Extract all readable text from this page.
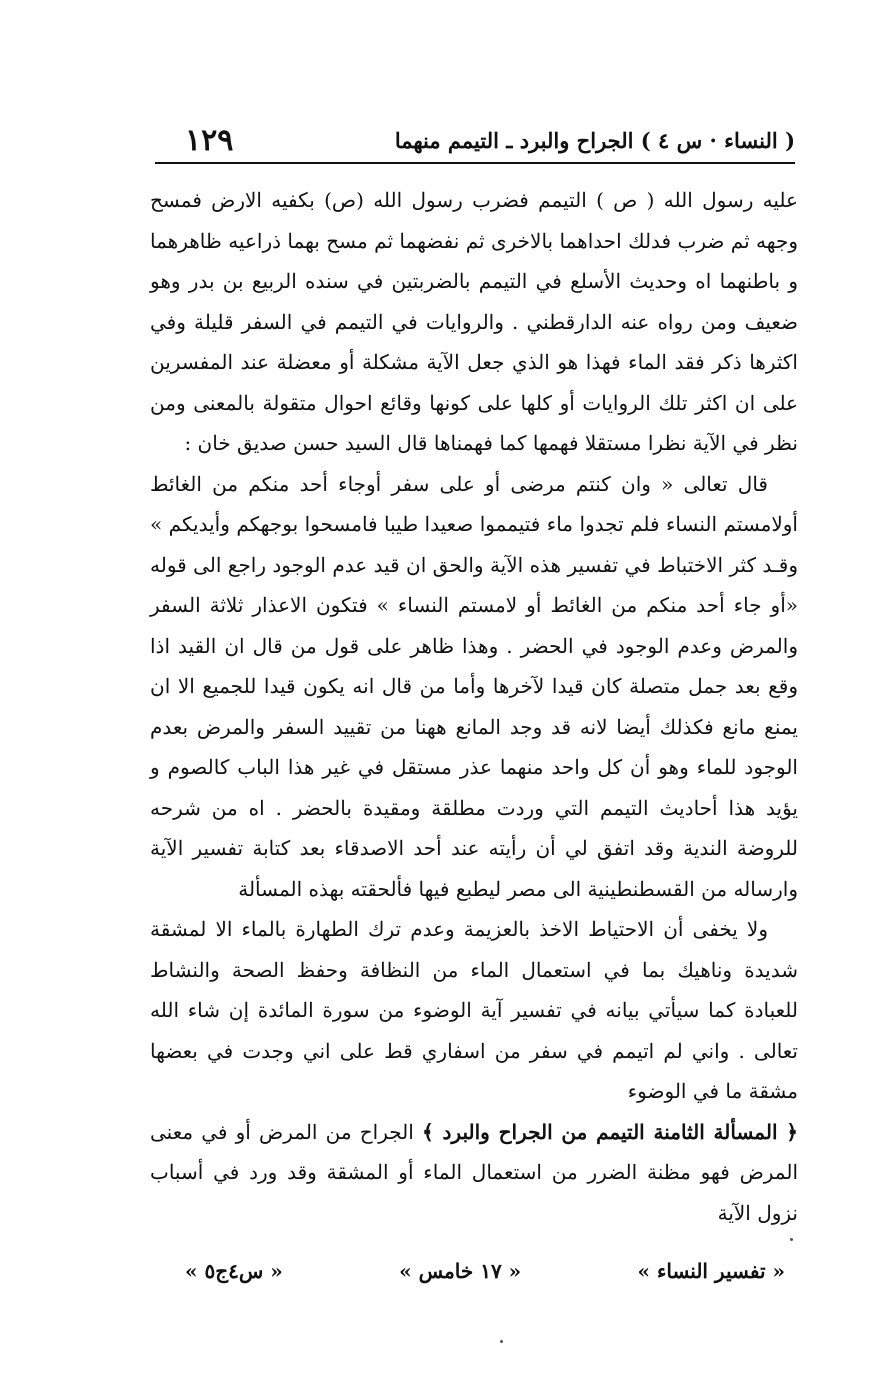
( النساء · س ٤ ) الجراح والبرد ـ التيمم منهما
١٢٩

عليه رسول الله ( ص ) التيمم فضرب رسول الله (ص) بكفيه الارض فمسح وجهه ثم ضرب فدلك احداهما بالاخرى ثم نفضهما ثم مسح بهما ذراعيه ظاهرهما و باطنهما اه وحديث الأسلع في التيمم بالضربتين في سنده الربيع بن بدر وهو ضعيف ومن رواه عنه الدارقطني . والروايات في التيمم في السفر قليلة وفي اكثرها ذكر فقد الماء فهذا هو الذي جعل الآية مشكلة أو معضلة عند المفسرين على ان اكثر تلك الروايات أو كلها على كونها وقائع احوال متقولة بالمعنى ومن نظر في الآية نظرا مستقلا فهمها كما فهمناها قال السيد حسن صديق خان :

قال تعالى « وان كنتم مرضى أو على سفر أوجاء أحد منكم من الغائط أولامستم النساء فلم تجدوا ماء فتيمموا صعيدا طيبا فامسحوا بوجهكم وأيديكم » وقـد كثر الاختباط في تفسير هذه الآية والحق ان قيد عدم الوجود راجع الى قوله «أو جاء أحد منكم من الغائط أو لامستم النساء » فتكون الاعذار ثلاثة السفر والمرض وعدم الوجود في الحضر . وهذا ظاهر على قول من قال ان القيد اذا وقع بعد جمل متصلة كان قيدا لآخرها وأما من قال انه يكون قيدا للجميع الا ان يمنع مانع فكذلك أيضا لانه قد وجد المانع ههنا من تقييد السفر والمرض بعدم الوجود للماء وهو أن كل واحد منهما عذر مستقل في غير هذا الباب كالصوم و يؤيد هذا أحاديث التيمم التي وردت مطلقة ومقيدة بالحضر . اه من شرحه للروضة الندية وقد اتفق لي أن رأيته عند أحد الاصدقاء بعد كتابة تفسير الآية وارساله من القسطنطينية الى مصر ليطبع فيها فألحقته بهذه المسألة

ولا يخفى أن الاحتياط الاخذ بالعزيمة وعدم ترك الطهارة بالماء الا لمشقة شديدة وناهيك بما في استعمال الماء من النظافة وحفظ الصحة والنشاط للعبادة كما سيأتي بيانه في تفسير آية الوضوء من سورة المائدة إن شاء الله تعالى . واني لم اتيمم في سفر من اسفاري قط على اني وجدت في بعضها مشقة ما في الوضوء

﴿ المسألة الثامنة التيمم من الجراح والبرد ﴾ الجراح من المرض أو في معنى المرض فهو مظنة الضرر من استعمال الماء أو المشقة وقد ورد في أسباب نزول الآية

« تفسير النساء »
« ١٧ خامس »
« س٤ج٥ »
